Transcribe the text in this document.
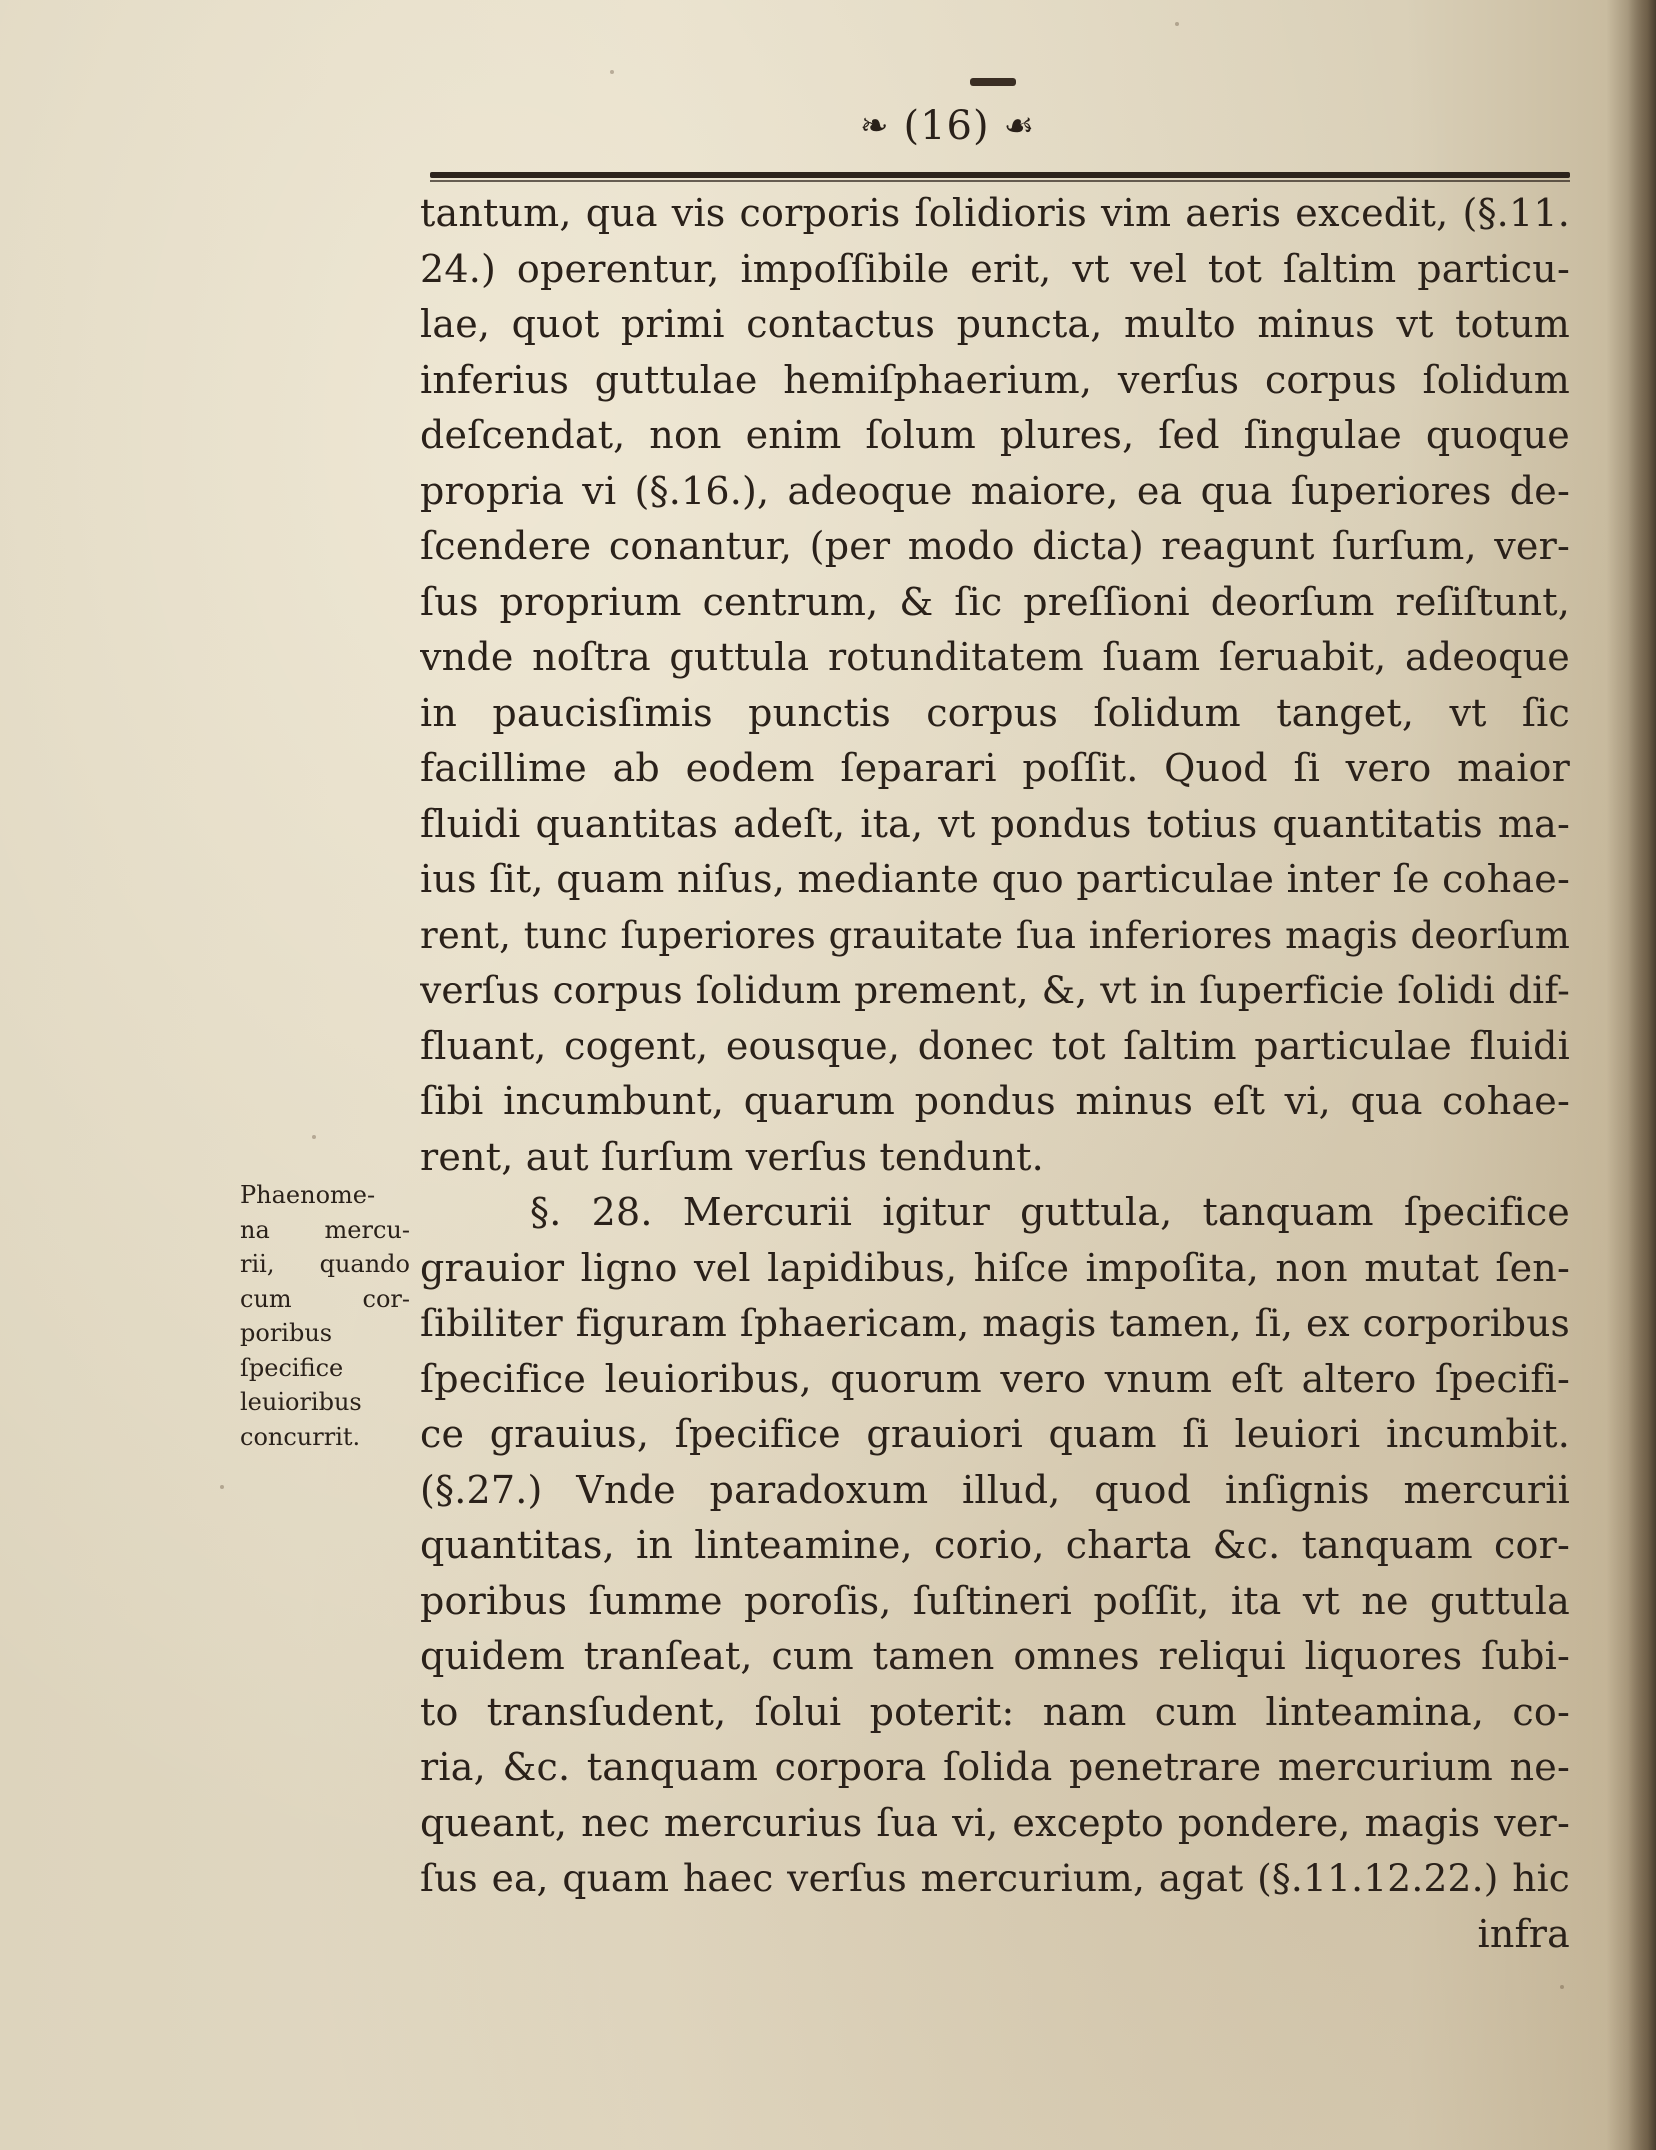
❧ (16) ☙
Phaenome-
na mercu-
rii, quando
cum cor-
poribus
ſpecifice
leuioribus
concurrit.
tantum, qua vis corporis ſolidioris vim aeris excedit, (§.11.
24.) operentur, impoſſibile erit, vt vel tot ſaltim particu-
lae, quot primi contactus puncta, multo minus vt totum
inferius guttulae hemiſphaerium, verſus corpus ſolidum
deſcendat, non enim ſolum plures, ſed ſingulae quoque
propria vi (§.16.), adeoque maiore, ea qua ſuperiores de-
ſcendere conantur, (per modo dicta) reagunt ſurſum, ver-
ſus proprium centrum, & ſic preſſioni deorſum reſiſtunt,
vnde noſtra guttula rotunditatem ſuam ſeruabit, adeoque
in paucisſimis punctis corpus ſolidum tanget, vt ſic
facillime ab eodem ſeparari poſſit. Quod ſi vero maior
fluidi quantitas adeſt, ita, vt pondus totius quantitatis ma-
ius ſit, quam niſus, mediante quo particulae inter ſe cohae-
rent, tunc ſuperiores grauitate ſua inferiores magis deorſum
verſus corpus ſolidum prement, &, vt in ſuperficie ſolidi dif-
fluant, cogent, eousque, donec tot ſaltim particulae fluidi
ſibi incumbunt, quarum pondus minus eſt vi, qua cohae-
rent, aut ſurſum verſus tendunt.
§. 28. Mercurii igitur guttula, tanquam ſpecifice
grauior ligno vel lapidibus, hiſce impoſita, non mutat ſen-
ſibiliter figuram ſphaericam, magis tamen, ſi, ex corporibus
ſpecifice leuioribus, quorum vero vnum eſt altero ſpecifi-
ce grauius, ſpecifice grauiori quam ſi leuiori incumbit.
(§.27.) Vnde paradoxum illud, quod inſignis mercurii
quantitas, in linteamine, corio, charta &c. tanquam cor-
poribus ſumme poroſis, ſuſtineri poſſit, ita vt ne guttula
quidem tranſeat, cum tamen omnes reliqui liquores ſubi-
to transſudent, ſolui poterit: nam cum linteamina, co-
ria, &c. tanquam corpora ſolida penetrare mercurium ne-
queant, nec mercurius ſua vi, excepto pondere, magis ver-
ſus ea, quam haec verſus mercurium, agat (§.11.12.22.) hic
infra
